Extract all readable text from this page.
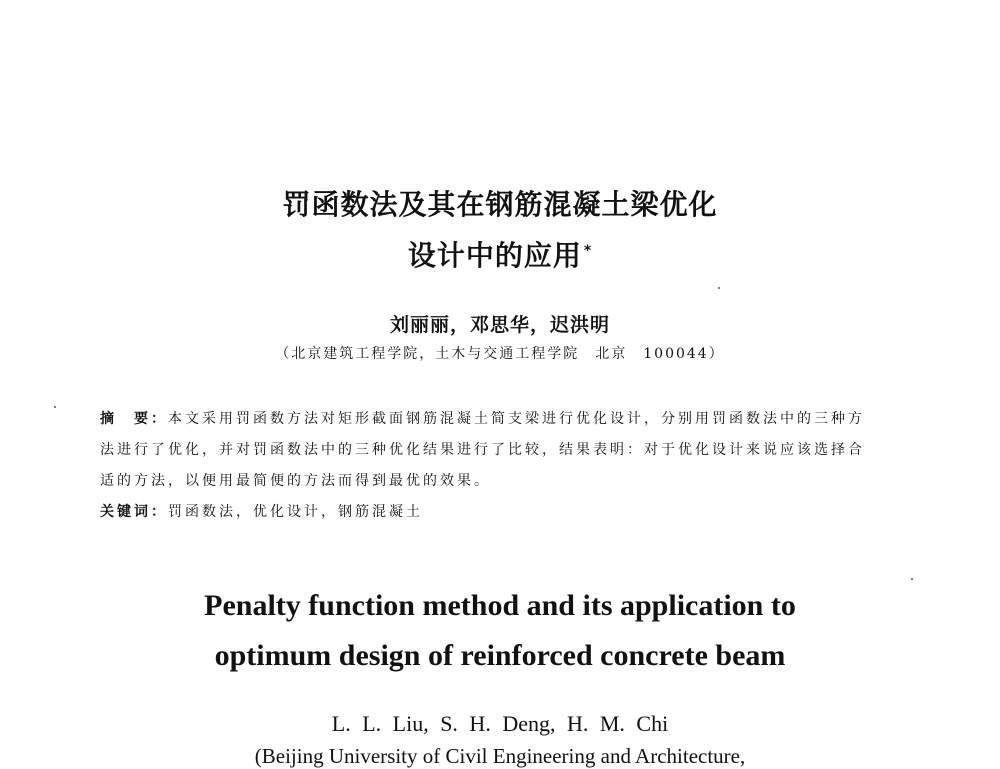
罚函数法及其在钢筋混凝土梁优化
设计中的应用 *
刘丽丽，邓思华，迟洪明
（北京建筑工程学院，土木与交通工程学院　北京　100044）
摘　要：本文采用罚函数方法对矩形截面钢筋混凝土简支梁进行优化设计，分别用罚函数法中的三种方
法进行了优化，并对罚函数法中的三种优化结果进行了比较，结果表明：对于优化设计来说应该选择合
适的方法，以便用最简便的方法而得到最优的效果。
关键词：罚函数法，优化设计，钢筋混凝土
Penalty function method and its application to
optimum design of reinforced concrete beam
L. L. Liu, S. H. Deng, H. M. Chi
(Beijing University of Civil Engineering and Architecture,
